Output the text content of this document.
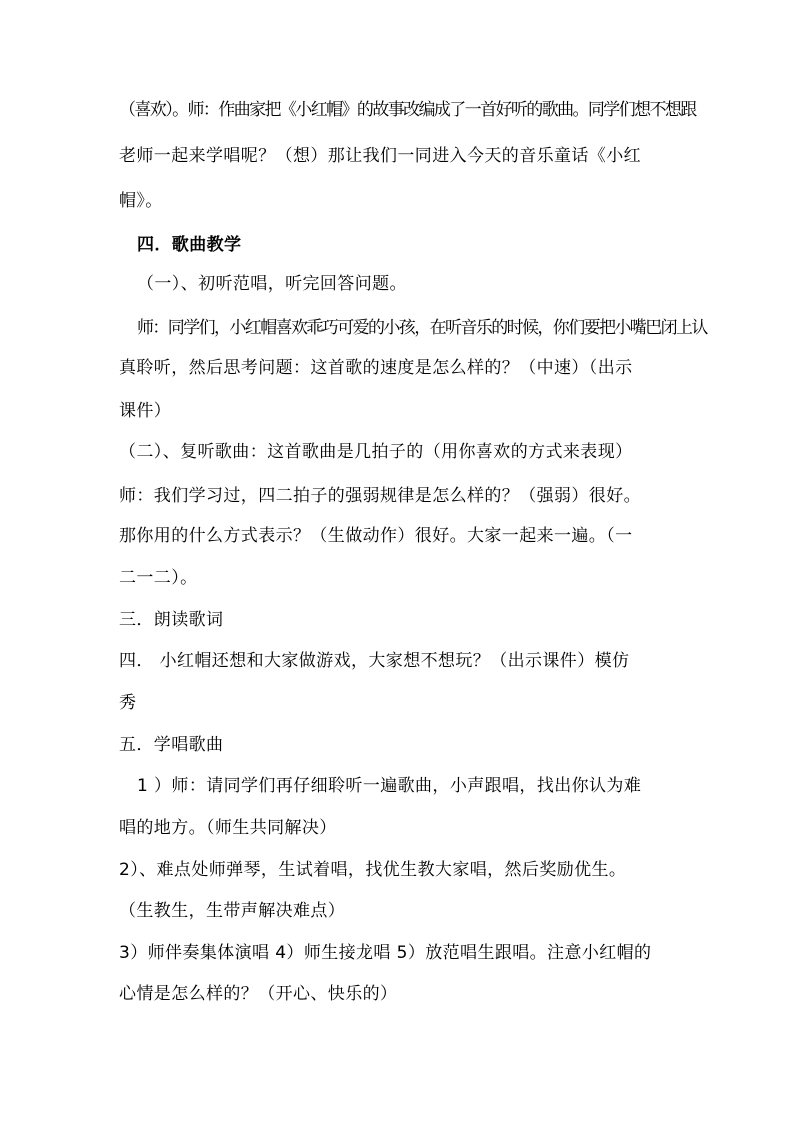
（喜欢）。师：作曲家把《小红帽》的故事改编成了一首好听的歌曲。同学们想不想跟
老师一起来学唱呢？（想）那让我们一同进入今天的音乐童话《小红
帽》。
四．歌曲教学
（一）、初听范唱，听完回答问题。
师：同学们，小红帽喜欢乖巧可爱的小孩，在听音乐的时候，你们要把小嘴巴闭上认
真聆听，然后思考问题：这首歌的速度是怎么样的？（中速）（出示
课件）
（二）、复听歌曲：这首歌曲是几拍子的（用你喜欢的方式来表现）
师：我们学习过，四二拍子的强弱规律是怎么样的？（强弱）很好。
那你用的什么方式表示？（生做动作）很好。大家一起来一遍。（一
二一二）。
三．朗读歌词
四． 小红帽还想和大家做游戏，大家想不想玩？（出示课件）模仿
秀
五．学唱歌曲
1 ）师：请同学们再仔细聆听一遍歌曲，小声跟唱，找出你认为难
唱的地方。（师生共同解决）
2）、难点处师弹琴，生试着唱，找优生教大家唱，然后奖励优生。
（生教生，生带声解决难点）
3）师伴奏集体演唱 4）师生接龙唱 5）放范唱生跟唱。注意小红帽的
心情是怎么样的？（开心、快乐的）
